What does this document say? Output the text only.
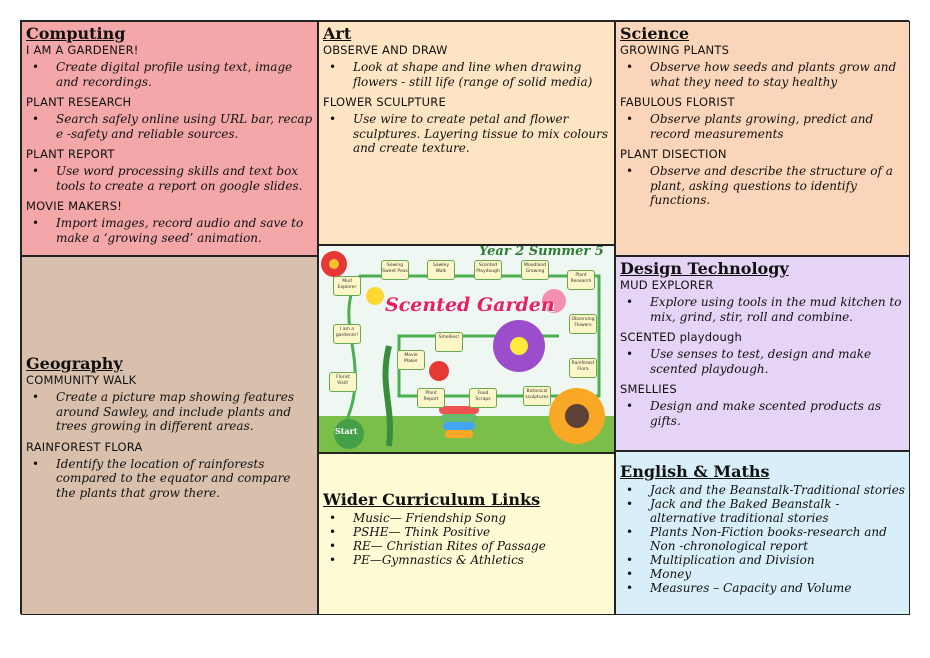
Computing

I AM A GARDENER!

• Create digital profile using text, image and recordings.

PLANT RESEARCH

• Search safely online using URL bar, recap e -safety and reliable sources.

PLANT REPORT

• Use word processing skills and text box tools to create a report on google slides.

MOVIE MAKERS!

• Import images, record audio and save to make a ‘growing seed’ animation.
Art

OBSERVE AND DRAW

• Look at shape and line when drawing flowers - still life (range of solid media)

FLOWER SCULPTURE

• Use wire to create petal and flower sculptures. Layering tissue to mix colours and create texture.
Science

GROWING PLANTS

• Observe how seeds and plants grow and what they need to stay healthy

FABULOUS FLORIST

• Observe plants growing, predict and record measurements

PLANT DISECTION

• Observe and describe the structure of a plant, asking questions to identify functions.
Geography

COMMUNITY WALK

• Create a picture map showing features around Sawley, and include plants and trees growing in different areas.

RAINFOREST FLORA

• Identify the location of rainforests compared to the equator and compare the plants that grow there.
Year 2 Summer 5
Scented Garden
Start
Mud Explorer
Sowing Sweet Peas
Sawley Walk
Scented Playdough
Woodland Growing
Plant Research
I am a gardener!	Smellies!
Observing Flowers
Movie Maker	Rainforest Flora
Florist Visit!
Plant Report
Food Scraps
Botanical sculptures
Wider Curriculum Links
• Music— Friendship Song
• PSHE— Think Positive
• RE— Christian Rites of Passage
• PE—Gymnastics & Athletics
Design Technology

MUD EXPLORER

• Explore using tools in the mud kitchen to mix, grind, stir, roll and combine.

SCENTED playdough

• Use senses to test, design and make scented playdough.

SMELLIES

• Design and make scented products as gifts.
English & Maths
• Jack and the Beanstalk-Traditional stories
• Jack and the Baked Beanstalk - alternative traditional stories
• Plants Non-Fiction books-research and Non -chronological report
• Multiplication and Division
• Money
• Measures – Capacity and Volume
